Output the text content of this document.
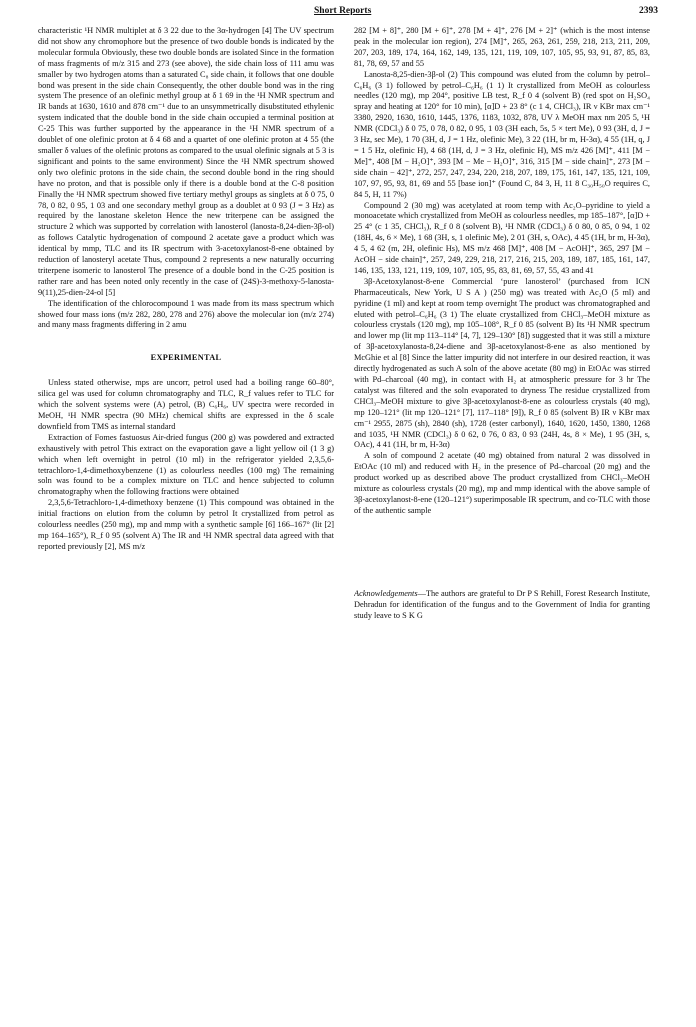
Short Reports	2393

characteristic ¹H NMR multiplet at δ 3 22 due to the 3α-hydrogen [4] The UV spectrum did not show any chromophore but the presence of two double bonds is indicated by the molecular formula Obviously, these two double bonds are isolated Since in the formation of mass fragments of m/z 315 and 273 (see above), the side chain loss of 111 amu was smaller by two hydrogen atoms than a saturated C₈ side chain, it follows that one double bond was present in the side chain Consequently, the other double bond was in the ring system The presence of an olefinic methyl group at δ 1 69 in the ¹H NMR spectrum and IR bands at 1630, 1610 and 878 cm⁻¹ due to an unsymmetrically disubstituted ethylenic system indicated that the double bond in the side chain occupied a terminal position at C-25 This was further supported by the appearance in the ¹H NMR spectrum of a doublet of one olefinic proton at δ 4 68 and a quartet of one olefinic proton at 4 55 (the smaller δ values of the olefinic protons as compared to the usual olefinic signals at 5 3 is significant and points to the same environment) Since the ¹H NMR spectrum showed only two olefinic protons in the side chain, the second double bond in the ring should have no proton, and that is possible only if there is a double bond at the C-8 position Finally the ¹H NMR spectrum showed five tertiary methyl groups as singlets at δ 0 75, 0 78, 0 82, 0 95, 1 03 and one secondary methyl group as a doublet at 0 93 (J = 3 Hz) as required by the lanostane skeleton Hence the new triterpene can be assigned the structure 2 which was supported by correlation with lanosterol (lanosta-8,24-dien-3β-ol) as follows Catalytic hydrogenation of compound 2 acetate gave a product which was identical by mmp, TLC and its IR spectrum with 3-acetoxylanost-8-ene obtained by reduction of lanosteryl acetate Thus, compound 2 represents a new naturally occurring triterpene isomeric to lanosterol The presence of a double bond in the C-25 position is rather rare and has been noted only recently in the case of (24S)-3-methoxy-5-lanosta-9(11),25-dien-24-ol [5]

The identification of the chlorocompound 1 was made from its mass spectrum which showed four mass ions (m/z 282, 280, 278 and 276) above the molecular ion (m/z 274) and many mass fragments differing in 2 amu

EXPERIMENTAL

Unless stated otherwise, mps are uncorr, petrol used had a boiling range 60–80°, silica gel was used for column chromatography and TLC, R_f values refer to TLC for which the solvent systems were (A) petrol, (B) C₆H₆, UV spectra were recorded in MeOH, ¹H NMR spectra (90 MHz) chemical shifts are expressed in the δ scale downfield from TMS as internal standard

Extraction of Fomes fastuosus Air-dried fungus (200 g) was powdered and extracted exhaustively with petrol This extract on the evaporation gave a light yellow oil (1 3 g) which when left overnight in petrol (10 ml) in the refrigerator yielded 2,3,5,6-tetrachloro-1,4-dimethoxybenzene (1) as colourless needles (100 mg) The remaining soln was found to be a complex mixture on TLC and hence subjected to column chromatography when the following fractions were obtained

2,3,5,6-Tetrachloro-1,4-dimethoxy benzene (1) This compound was obtained in the initial fractions on elution from the column by petrol It crystallized from petrol as colourless needles (250 mg), mp and mmp with a synthetic sample [6] 166–167° (lit [2] mp 164–165°), R_f 0 95 (solvent A) The IR and ¹H NMR spectral data agreed with that reported previously [2], MS m/z

282 [M + 8]⁺, 280 [M + 6]⁺, 278 [M + 4]⁺, 276 [M + 2]⁺ (which is the most intense peak in the molecular ion region), 274 [M]⁺, 265, 263, 261, 259, 218, 213, 211, 209, 207, 203, 189, 174, 164, 162, 149, 135, 121, 119, 109, 107, 105, 95, 93, 91, 87, 85, 83, 81, 78, 69, 57 and 55

Lanosta-8,25-dien-3β-ol (2) This compound was eluted from the column by petrol–C₆H₆ (3 1) followed by petrol–C₆H₆ (1 1) It crystallized from MeOH as colourless needles (120 mg), mp 204°, positive LB test, R_f 0 4 (solvent B) (red spot on H₂SO₄ spray and heating at 120° for 10 min), [α]D + 23 8° (c 1 4, CHCl₃), IR ν KBr max cm⁻¹ 3380, 2920, 1630, 1610, 1445, 1376, 1183, 1032, 878, UV λ MeOH max nm 205 5, ¹H NMR (CDCl₃) δ 0 75, 0 78, 0 82, 0 95, 1 03 (3H each, 5s, 5 × tert Me), 0 93 (3H, d, J = 3 Hz, sec Me), 1 70 (3H, d, J = 1 Hz, olefinic Me), 3 22 (1H, br m, H-3α), 4 55 (1H, q, J = 1 5 Hz, olefinic H), 4 68 (1H, d, J = 3 Hz, olefinic H), MS m/z 426 [M]⁺, 411 [M − Me]⁺, 408 [M − H₂O]⁺, 393 [M − Me − H₂O]⁺, 316, 315 [M − side chain]⁺, 273 [M − side chain − 42]⁺, 272, 257, 247, 234, 220, 218, 207, 189, 175, 161, 147, 135, 121, 109, 107, 97, 95, 93, 81, 69 and 55 [base ion]⁺ (Found C, 84 3, H, 11 8 C₃₀H₅₀O requires C, 84 5, H, 11 7%)

Compound 2 (30 mg) was acetylated at room temp with Ac₂O–pyridine to yield a monoacetate which crystallized from MeOH as colourless needles, mp 185–187°, [α]D + 25 4° (c 1 35, CHCl₃), R_f 0 8 (solvent B), ¹H NMR (CDCl₃) δ 0 80, 0 85, 0 94, 1 02 (18H, 4s, 6 × Me), 1 68 (3H, s, 1 olefinic Me), 2 01 (3H, s, OAc), 4 45 (1H, br m, H-3α), 4 5, 4 62 (m, 2H, olefinic Hs), MS m/z 468 [M]⁺, 408 [M − AcOH]⁺, 365, 297 [M − AcOH − side chain]⁺, 257, 249, 229, 218, 217, 216, 215, 203, 189, 187, 185, 161, 147, 146, 135, 133, 121, 119, 109, 107, 105, 95, 83, 81, 69, 57, 55, 43 and 41

3β-Acetoxylanost-8-ene Commercial ‘pure lanosterol’ (purchased from ICN Pharmaceuticals, New York, U S A ) (250 mg) was treated with Ac₂O (5 ml) and pyridine (1 ml) and kept at room temp overnight The product was chromatographed and eluted with petrol–C₆H₆ (3 1) The eluate crystallized from CHCl₃–MeOH mixture as colourless crystals (120 mg), mp 105–108°, R_f 0 85 (solvent B) Its ¹H NMR spectrum and lower mp (lit mp 113–114° [4, 7], 129–130° [8]) suggested that it was still a mixture of 3β-acetoxylanosta-8,24-diene and 3β-acetoxylanost-8-ene as also mentioned by McGhie et al [8] Since the latter impurity did not interfere in our desired reaction, it was directly hydrogenated as such A soln of the above acetate (80 mg) in EtOAc was stirred with Pd–charcoal (40 mg), in contact with H₂ at atmospheric pressure for 3 hr The catalyst was filtered and the soln evaporated to dryness The residue crystallized from CHCl₃–MeOH mixture to give 3β-acetoxylanost-8-ene as colourless crystals (40 mg), mp 120–121° (lit mp 120–121° [7], 117–118° [9]), R_f 0 85 (solvent B) IR ν KBr max cm⁻¹ 2955, 2875 (sh), 2840 (sh), 1728 (ester carbonyl), 1640, 1620, 1450, 1380, 1268 and 1035, ¹H NMR (CDCl₃) δ 0 62, 0 76, 0 83, 0 93 (24H, 4s, 8 × Me), 1 95 (3H, s, OAc), 4 41 (1H, br m, H-3α)

A soln of compound 2 acetate (40 mg) obtained from natural 2 was dissolved in EtOAc (10 ml) and reduced with H₂ in the presence of Pd–charcoal (20 mg) and the product worked up as described above The product crystallized from CHCl₃–MeOH mixture as colourless crystals (20 mg), mp and mmp identical with the above sample of 3β-acetoxylanost-8-ene (120–121°) superimposable IR spectrum, and co-TLC with those of the authentic sample

Acknowledgements—The authors are grateful to Dr P S Rehill, Forest Research Institute, Dehradun for identification of the fungus and to the Government of India for granting study leave to S K G
